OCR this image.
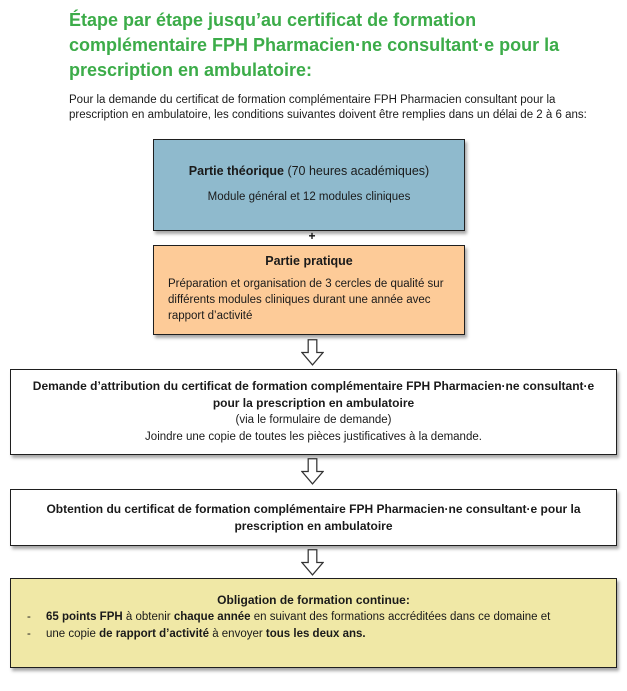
Étape par étape jusqu’au certificat de formation complémentaire FPH Pharmacien·ne consultant·e pour la prescription en ambulatoire:

Pour la demande du certificat de formation complémentaire FPH Pharmacien consultant pour la prescription en ambulatoire, les conditions suivantes doivent être remplies dans un délai de 2 à 6 ans:

Partie théorique (70 heures académiques)
Module général et 12 modules cliniques
+
Partie pratique
Préparation et organisation de 3 cercles de qualité sur différents modules cliniques durant une année avec rapport d’activité
Demande d’attribution du certificat de formation complémentaire FPH Pharmacien·ne consultant·e pour la prescription en ambulatoire
(via le formulaire de demande)
Joindre une copie de toutes les pièces justificatives à la demande.
Obtention du certificat de formation complémentaire FPH Pharmacien·ne consultant·e pour la prescription en ambulatoire
Obligation de formation continue:
-	65 points FPH à obtenir chaque année en suivant des formations accréditées dans ce domaine et
-	une copie de rapport d’activité à envoyer tous les deux ans.
